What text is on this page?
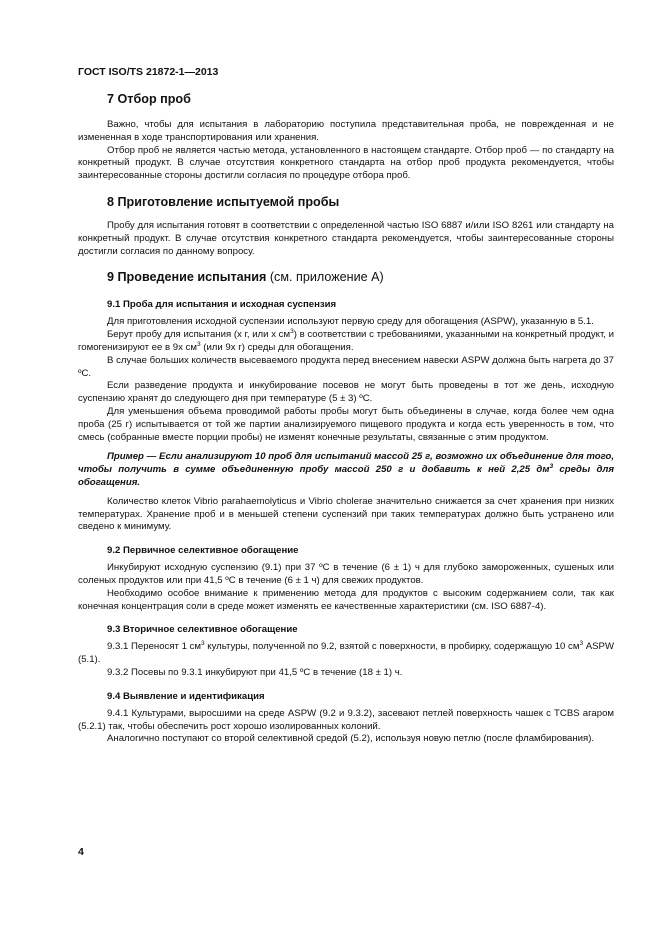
ГОСТ ISO/TS 21872-1—2013
7 Отбор проб

Важно, чтобы для испытания в лабораторию поступила представительная проба, не поврежденная и не измененная в ходе транспортирования или хранения.

Отбор проб не является частью метода, установленного в настоящем стандарте. Отбор проб — по стандарту на конкретный продукт. В случае отсутствия конкретного стандарта на отбор проб продукта рекомендуется, чтобы заинтересованные стороны достигли согласия по процедуре отбора проб.

8 Приготовление испытуемой пробы

Пробу для испытания готовят в соответствии с определенной частью ISO 6887 и/или ISO 8261 или стандарту на конкретный продукт. В случае отсутствия конкретного стандарта рекомендуется, чтобы заинтересованные стороны достигли согласия по данному вопросу.

9 Проведение испытания (см. приложение А)
9.1 Проба для испытания и исходная суспензия

Для приготовления исходной суспензии используют первую среду для обогащения (ASPW), указанную в 5.1.

Берут пробу для испытания (x г, или x $см^3$) в соответствии с требованиями, указанными на конкретный продукт, и гомогенизируют ее в 9x $см^3$ (или 9x г) среды для обогащения.

В случае больших количеств высеваемого продукта перед внесением навески ASPW должна быть нагрета до 37 ºС.

Если разведение продукта и инкубирование посевов не могут быть проведены в тот же день, исходную суспензию хранят до следующего дня при температуре (5 ± 3) ºС.

Для уменьшения объема проводимой работы пробы могут быть объединены в случае, когда более чем одна проба (25 г) испытывается от той же партии анализируемого пищевого продукта и когда есть уверенность в том, что смесь (собранные вместе порции пробы) не изменят конечные результаты, связанные с этим продуктом.

Пример — Если анализируют 10 проб для испытаний массой 25 г, возможно их объединение для того, чтобы получить в сумме объединенную пробу массой 250 г и добавить к ней 2,25 $дм^3$ среды для обогащения.

Количество клеток Vibrio parahaemolyticus и Vibrio cholerae значительно снижается за счет хранения при низких температурах. Хранение проб и в меньшей степени суспензий при таких температурах должно быть устранено или сведено к минимуму.

9.2 Первичное селективное обогащение

Инкубируют исходную суспензию (9.1) при 37 ºС в течение (6 ± 1) ч для глубоко замороженных, сушеных или соленых продуктов или при 41,5 ºС в течение (6 ± 1 ч) для свежих продуктов.

Необходимо особое внимание к применению метода для продуктов с высоким содержанием соли, так как конечная концентрация соли в среде может изменять ее качественные характеристики (см. ISO 6887-4).

9.3 Вторичное селективное обогащение

9.3.1 Переносят 1 $см^3$ культуры, полученной по 9.2, взятой с поверхности, в пробирку, содержащую 10 $см^3$ ASPW (5.1).

9.3.2 Посевы по 9.3.1 инкубируют при 41,5 ºС в течение (18 ± 1) ч.

9.4 Выявление и идентификация

9.4.1 Культурами, выросшими на среде ASPW (9.2 и 9.3.2), засевают петлей поверхность чашек с TCBS агаром (5.2.1) так, чтобы обеспечить рост хорошо изолированных колоний.

Аналогично поступают со второй селективной средой (5.2), используя новую петлю (после фламбирования).

4
